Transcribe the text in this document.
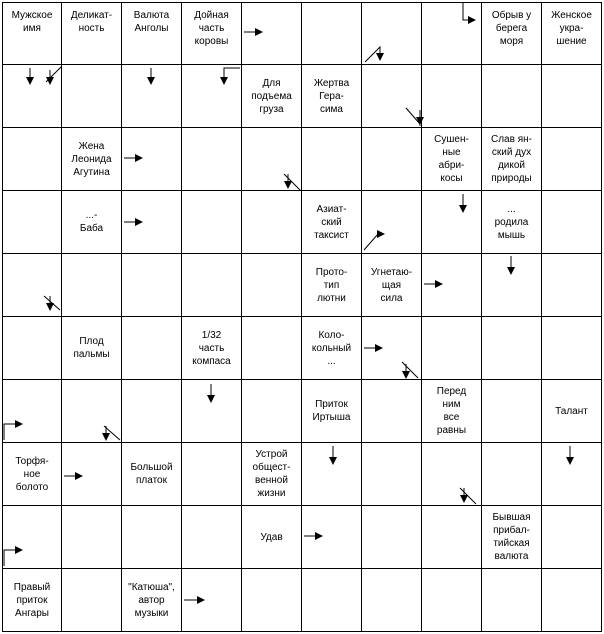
Мужское
имя
Деликат-
ность
Валюта
Анголы
Дойная
часть
коровы
Обрыв у
берега
моря
Женское
укра-
шение
Для
подъема
груза
Жертва
Гера-
сима
Жена
Леонида
Агутина
Сушен-
ные
абри-
косы
Слав ян-
ский дух
дикой
природы
...-
Баба
Азиат-
ский
таксист
...
родила
мышь
Прото-
тип
лютни
Угнетаю-
щая
сила
Плод
пальмы
1/32
часть
компаса
Коло-
кольный
...
Приток
Иртыша
Перед
ним
все
равны
Талант
Торфя-
ное
болото
Большой
платок
Устрой
общест-
венной
жизни
Удав
Бывшая
прибал-
тийская
валюта
Правый
приток
Ангары
"Катюша",
автор
музыки
